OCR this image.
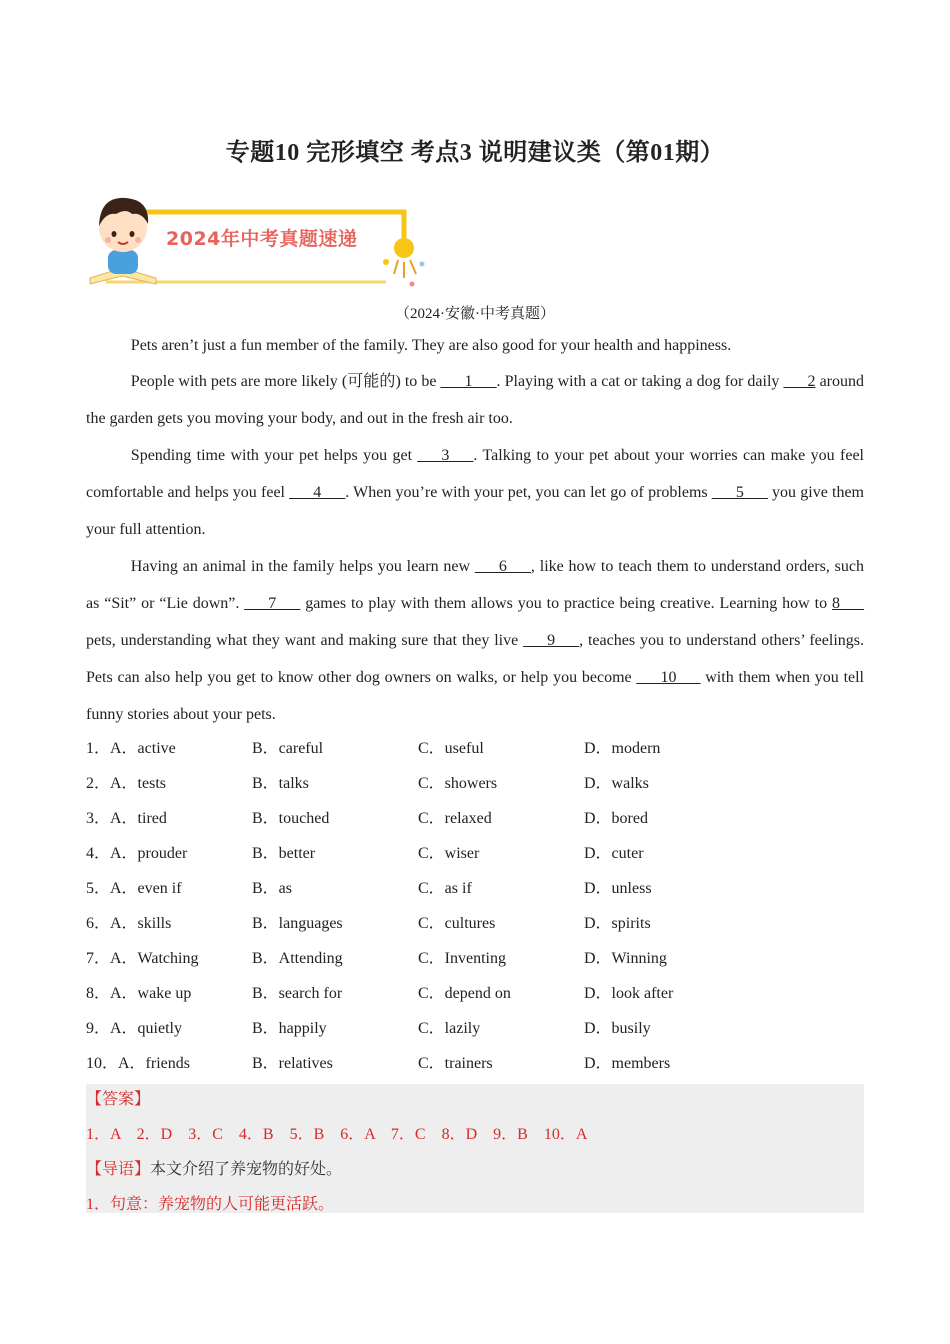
专题10 完形填空 考点3 说明建议类（第01期）
2024年中考真题速递
（2024·安徽·中考真题）

Pets aren’t just a fun member of the family. They are also good for your health and happiness.

People with pets are more likely (可能的) to be ___1___. Playing with a cat or taking a dog for daily ___2 around the garden gets you moving your body, and out in the fresh air too.

Spending time with your pet helps you get ___3___. Talking to your pet about your worries can make you feel comfortable and helps you feel ___4___. When you’re with your pet, you can let go of problems ___5___ you give them your full attention.

Having an animal in the family helps you learn new ___6___, like how to teach them to understand orders, such as “Sit” or “Lie down”. ___7___ games to play with them allows you to practice being creative. Learning how to 8___ pets, understanding what they want and making sure that they live ___9___, teaches you to understand others’ feelings. Pets can also help you get to know other dog owners on walks, or help you become ___10___ with them when you tell funny stories about your pets.

1．A．active	B．careful	C．useful	D．modern
2．A．tests	B．talks	C．showers	D．walks
3．A．tired	B．touched	C．relaxed	D．bored
4．A．prouder	B．better	C．wiser	D．cuter
5．A．even if	B．as	C．as if	D．unless
6．A．skills	B．languages	C．cultures	D．spirits
7．A．Watching	B．Attending	C．Inventing	D．Winning
8．A．wake up	B．search for	C．depend on	D．look after
9．A．quietly	B．happily	C．lazily	D．busily
10．A．friends	B．relatives	C．trainers	D．members
【答案】
1．A　2．D　3．C　4．B　5．B　6．A　7．C　8．D　9．B　10．A
【导语】本文介绍了养宠物的好处。
1．句意：养宠物的人可能更活跃。
